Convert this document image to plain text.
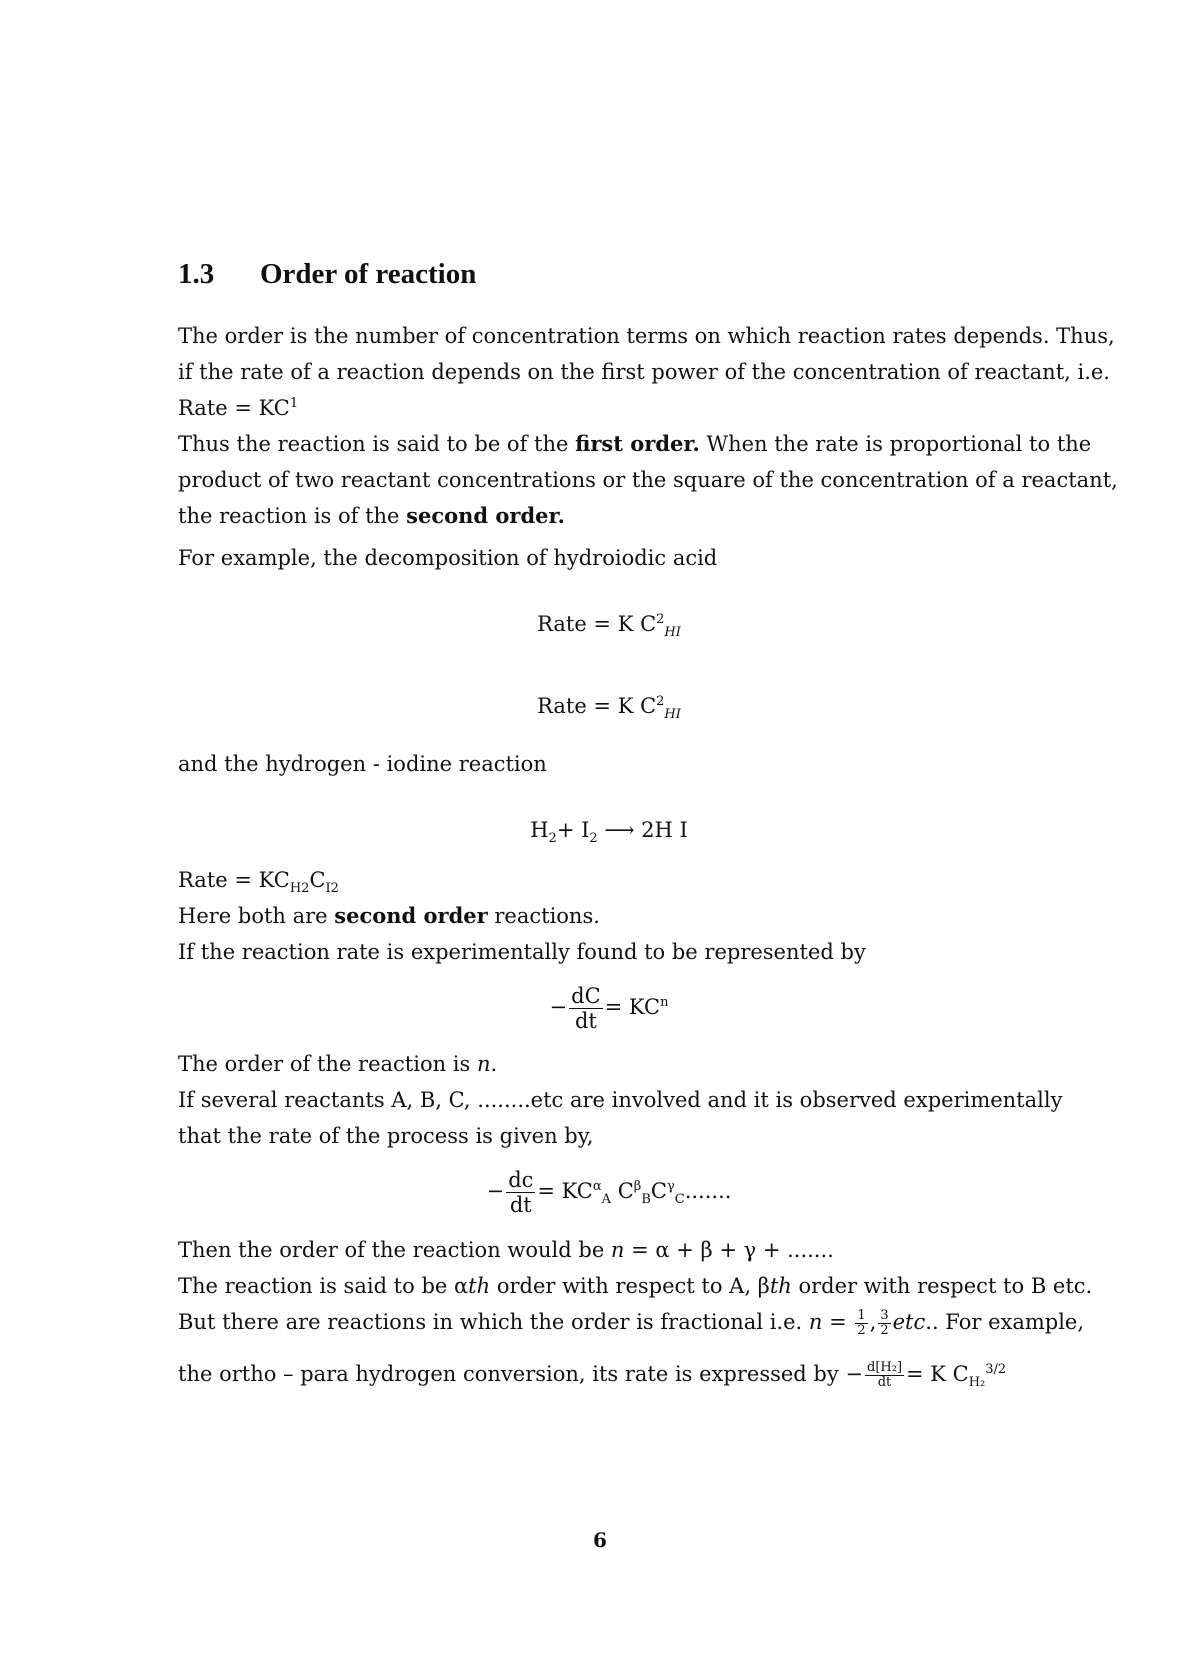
1.3 Order of reaction

The order is the number of concentration terms on which reaction rates depends. Thus,
if the rate of a reaction depends on the first power of the concentration of reactant, i.e.
Rate = $KC^1$
Thus the reaction is said to be of the first order. When the rate is proportional to the
product of two reactant concentrations or the square of the concentration of a reactant,
the reaction is of the second order.

For example, the decomposition of hydroiodic acid

Rate = K $C^2_{HI}$
Rate = K $C^2_{HI}$

and the hydrogen - iodine reaction

$H_2+ I_2$ ⟶ 2H I

Rate = $KC_{H2}C_{I2}$
Here both are second order reactions.
If the reaction rate is experimentally found to be represented by

− $\frac{dC}{dt} = KC^n$

The order of the reaction is n.
If several reactants A, B, C, ........etc are involved and it is observed experimentally
that the rate of the process is given by,

− $\frac{dc}{dt} = KC^\alpha_A$ $C^\beta_BC^\gamma_C$.......

Then the order of the reaction would be n = α + β + γ + .......
The reaction is said to be αth order with respect to A, βth order with respect to B etc.
But there are reactions in which the order is fractional i.e. $n = \frac{1}{2}$ , $\frac{3}{2}$ etc.. For example,

the ortho – para hydrogen conversion, its rate is expressed by − $\frac{\text{d[H₂]}}{dt} = K$ $C_{H_2}^{3/2}$

6
